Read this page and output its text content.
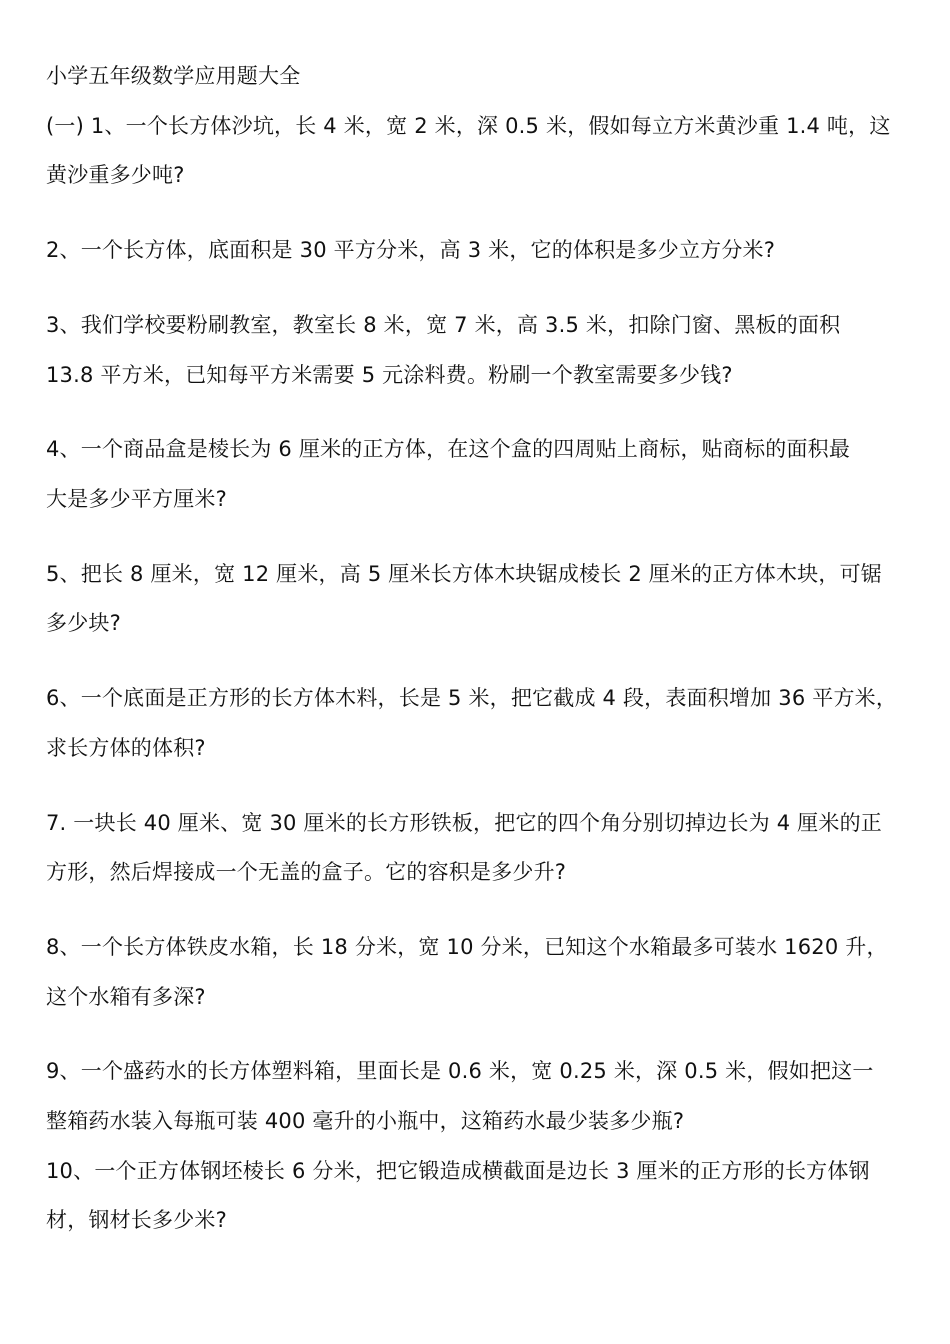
小学五年级数学应用题大全
(一) 1、一个长方体沙坑，长 4 米，宽 2 米，深 0.5 米，假如每立方米黄沙重 1.4 吨，这
黄沙重多少吨?
2、一个长方体，底面积是 30 平方分米，高 3 米，它的体积是多少立方分米?
3、我们学校要粉刷教室，教室长 8 米，宽 7 米，高 3.5 米，扣除门窗、黑板的面积
13.8 平方米，已知每平方米需要 5 元涂料费。粉刷一个教室需要多少钱?
4、一个商品盒是棱长为 6 厘米的正方体，在这个盒的四周贴上商标，贴商标的面积最
大是多少平方厘米?
5、把长 8 厘米，宽 12 厘米，高 5 厘米长方体木块锯成棱长 2 厘米的正方体木块，可锯
多少块?
6、一个底面是正方形的长方体木料，长是 5 米，把它截成 4 段，表面积增加 36 平方米，
求长方体的体积?
7. 一块长 40 厘米、宽 30 厘米的长方形铁板，把它的四个角分别切掉边长为 4 厘米的正
方形，然后焊接成一个无盖的盒子。它的容积是多少升?
8、一个长方体铁皮水箱，长 18 分米，宽 10 分米，已知这个水箱最多可装水 1620 升，
这个水箱有多深?
9、一个盛药水的长方体塑料箱，里面长是 0.6 米，宽 0.25 米，深 0.5 米，假如把这一
整箱药水装入每瓶可装 400 毫升的小瓶中，这箱药水最少装多少瓶?
10、一个正方体钢坯棱长 6 分米，把它锻造成横截面是边长 3 厘米的正方形的长方体钢
材，钢材长多少米?
